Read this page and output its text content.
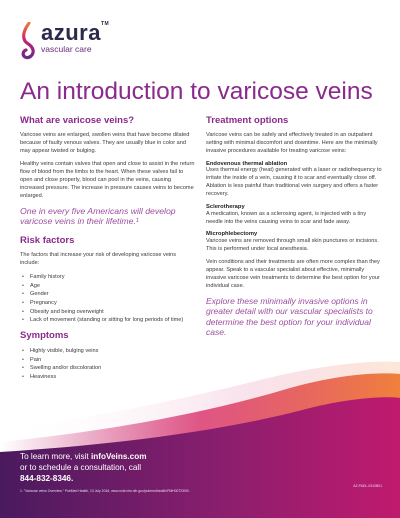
azura™
vascular care
An introduction to varicose veins
What are varicose veins?

Varicose veins are enlarged, swollen veins that have become dilated because of faulty venous valves. They are usually blue in color and may appear twisted or bulging.

Healthy veins contain valves that open and close to assist in the return flow of blood from the limbs to the heart. When these valves fail to open and close properly, blood can pool in the veins, causing increased pressure. The increase in pressure causes veins to become enlarged.

One in every five Americans will develop varicose veins in their lifetime.¹
Risk factors

The factors that increase your risk of developing varicose veins include:

• Family history
• Age
• Gender
• Pregnancy
• Obesity and being overweight
• Lack of movement (standing or sitting for long periods of time)
Symptoms
• Highly visible, bulging veins
• Pain
• Swelling and/or discoloration
• Heaviness
Treatment options

Varicose veins can be safely and effectively treated in an outpatient setting with minimal discomfort and downtime. Here are the minimally invasive procedures available for treating varicose veins:

Endovenous thermal ablation

Uses thermal energy (heat) generated with a laser or radiofrequency to irritate the inside of a vein, causing it to scar and eventually close off. Ablation is less painful than traditional vein surgery and offers a faster recovery.

Sclerotherapy

A medication, known as a sclerosing agent, is injected with a tiny needle into the veins causing veins to scar and fade away.

Microphlebectomy

Varicose veins are removed through small skin punctures or incisions. This is performed under local anesthesia.

Vein conditions and their treatments are often more complex than they appear. Speak to a vascular specialist about effective, minimally invasive varicose vein treatments to determine the best option for your individual case.

Explore these minimally invasive options in greater detail with our vascular specialists to determine the best option for your individual case.
To learn more, visit infoVeins.com
or to schedule a consultation, call
844-832-8346.
1. "Varicose veins Overview." PubMed Health, 13 July 2016, www.ncbi.nlm.nih.gov/pubmedhealth/PMH0072309/.
AZ-PADL-0310B01
